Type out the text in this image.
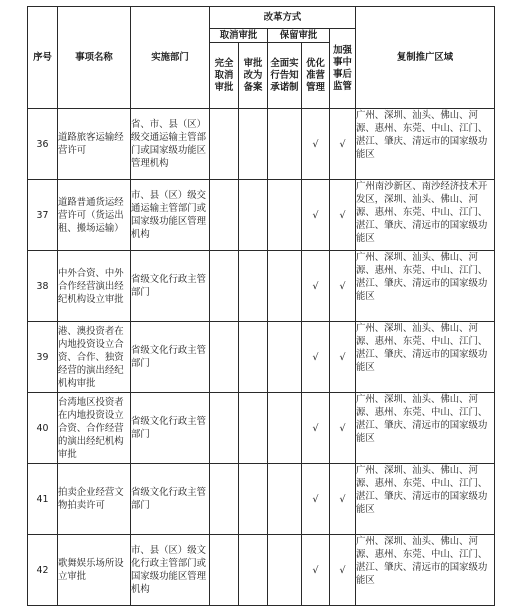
序号	事项名称	实施部门	改革方式					复制推广区域
			取消审批		保留审批		加强事中事后监管	
			完全取消审批	审批改为备案	全面实行告知承诺制	优化准营管理		
36	道路旅客运输经营许可	省、市、县（区）级交通运输主管部门或国家级功能区管理机构				√	√	广州、深圳、汕头、佛山、河源、惠州、东莞、中山、江门、湛江、肇庆、清远市的国家级功能区
37	道路普通货运经营许可（货运出租、搬场运输）	市、县（区）级交通运输主管部门或国家级功能区管理机构				√	√	广州南沙新区、南沙经济技术开发区，深圳、汕头、佛山、河源、惠州、东莞、中山、江门、湛江、肇庆、清远市的国家级功能区
38	中外合资、中外合作经营演出经纪机构设立审批	省级文化行政主管部门				√	√	广州、深圳、汕头、佛山、河源、惠州、东莞、中山、江门、湛江、肇庆、清远市的国家级功能区
39	港、澳投资者在内地投资设立合资、合作、独资经营的演出经纪机构审批	省级文化行政主管部门				√	√	广州、深圳、汕头、佛山、河源、惠州、东莞、中山、江门、湛江、肇庆、清远市的国家级功能区
40	台湾地区投资者在内地投资设立合资、合作经营的演出经纪机构审批	省级文化行政主管部门				√	√	广州、深圳、汕头、佛山、河源、惠州、东莞、中山、江门、湛江、肇庆、清远市的国家级功能区
41	拍卖企业经营文物拍卖许可	省级文化行政主管部门				√	√	广州、深圳、汕头、佛山、河源、惠州、东莞、中山、江门、湛江、肇庆、清远市的国家级功能区
42	歌舞娱乐场所设立审批	市、县（区）级文化行政主管部门或国家级功能区管理机构				√	√	广州、深圳、汕头、佛山、河源、惠州、东莞、中山、江门、湛江、肇庆、清远市的国家级功能区
